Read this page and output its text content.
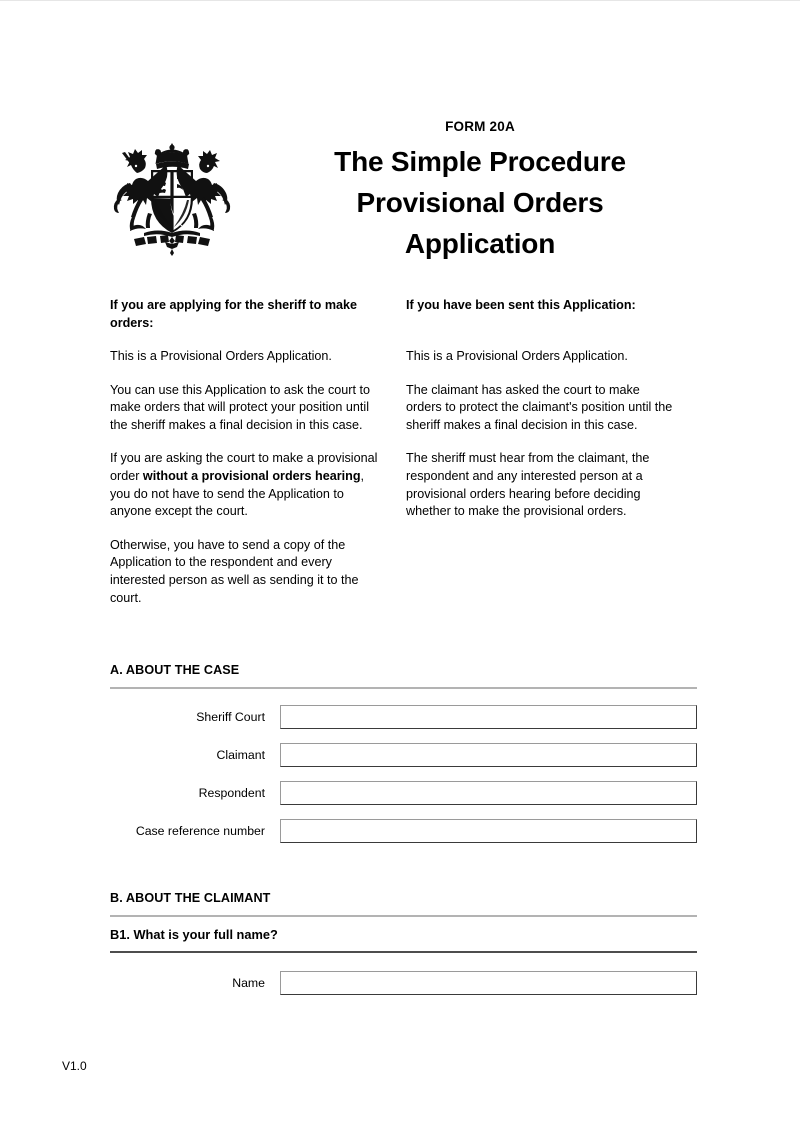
FORM 20A

The Simple Procedure
Provisional Orders
Application
If you are applying for the sheriff to make orders:

This is a Provisional Orders Application.

You can use this Application to ask the court to make orders that will protect your position until the sheriff makes a final decision in this case.

If you are asking the court to make a provisional order without a provisional orders hearing, you do not have to send the Application to anyone except the court.

Otherwise, you have to send a copy of the Application to the respondent and every interested person as well as sending it to the court.

If you have been sent this Application:

This is a Provisional Orders Application.

The claimant has asked the court to make orders to protect the claimant's position until the sheriff makes a final decision in this case.

The sheriff must hear from the claimant, the respondent and any interested person at a provisional orders hearing before deciding whether to make the provisional orders.

A. ABOUT THE CASE

Sheriff Court
Claimant
Respondent
Case reference number

B. ABOUT THE CLAIMANT

B1. What is your full name?

Name
V1.0
